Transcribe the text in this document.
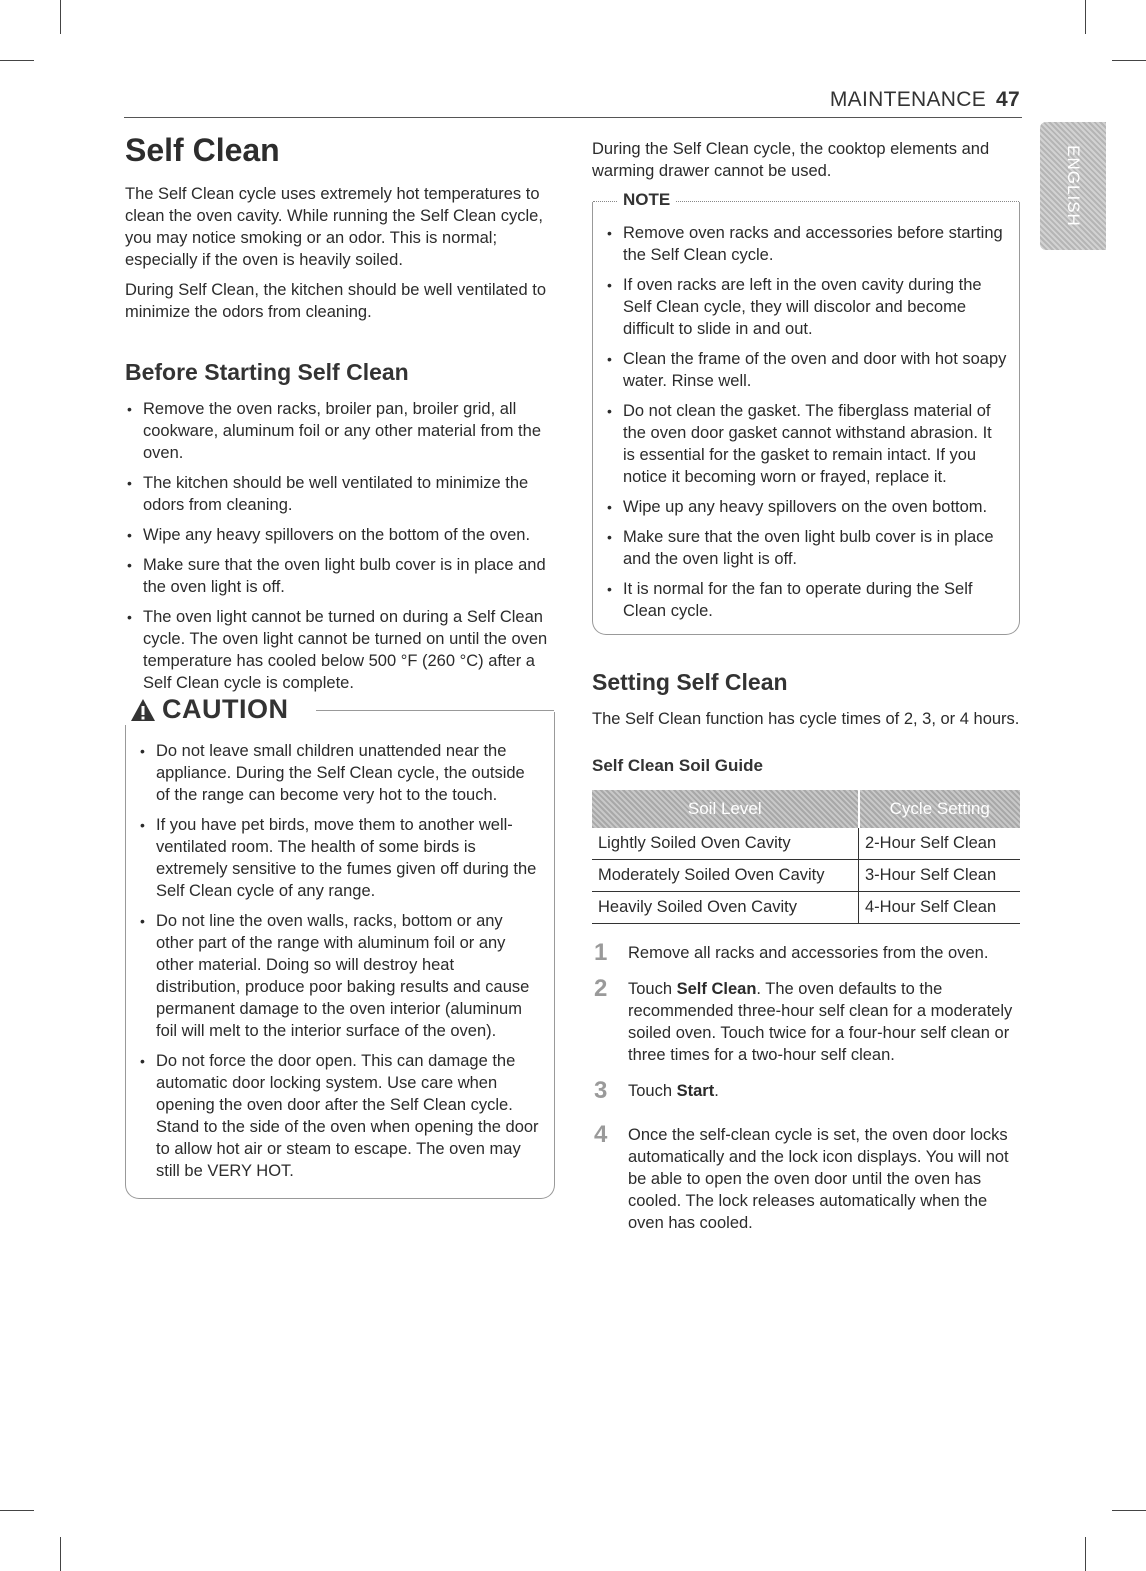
MAINTENANCE 47
ENGLISH
Self Clean

The Self Clean cycle uses extremely hot temperatures to clean the oven cavity. While running the Self Clean cycle, you may notice smoking or an odor. This is normal; especially if the oven is heavily soiled.

During Self Clean, the kitchen should be well ventilated to minimize the odors from cleaning.

Before Starting Self Clean
• Remove the oven racks, broiler pan, broiler grid, all cookware, aluminum foil or any other material from the oven.
• The kitchen should be well ventilated to minimize the odors from cleaning.
• Wipe any heavy spillovers on the bottom of the oven.
• Make sure that the oven light bulb cover is in place and the oven light is off.
• The oven light cannot be turned on during a Self Clean cycle. The oven light cannot be turned on until the oven temperature has cooled below 500 °F (260 °C) after a Self Clean cycle is complete.
CAUTION
• Do not leave small children unattended near the appliance. During the Self Clean cycle, the outside of the range can become very hot to the touch.
• If you have pet birds, move them to another well-ventilated room. The health of some birds is extremely sensitive to the fumes given off during the Self Clean cycle of any range.
• Do not line the oven walls, racks, bottom or any other part of the range with aluminum foil or any other material. Doing so will destroy heat distribution, produce poor baking results and cause permanent damage to the oven interior (aluminum foil will melt to the interior surface of the oven).
• Do not force the door open. This can damage the automatic door locking system. Use care when opening the oven door after the Self Clean cycle. Stand to the side of the oven when opening the door to allow hot air or steam to escape. The oven may still be VERY HOT.

During the Self Clean cycle, the cooktop elements and warming drawer cannot be used.

NOTE
• Remove oven racks and accessories before starting the Self Clean cycle.
• If oven racks are left in the oven cavity during the Self Clean cycle, they will discolor and become difficult to slide in and out.
• Clean the frame of the oven and door with hot soapy water. Rinse well.
• Do not clean the gasket. The fiberglass material of the oven door gasket cannot withstand abrasion. It is essential for the gasket to remain intact. If you notice it becoming worn or frayed, replace it.
• Wipe up any heavy spillovers on the oven bottom.
• Make sure that the oven light bulb cover is in place and the oven light is off.
• It is normal for the fan to operate during the Self Clean cycle.
Setting Self Clean

The Self Clean function has cycle times of 2, 3, or 4 hours.

Self Clean Soil Guide
Soil Level	Cycle Setting
Lightly Soiled Oven Cavity	2-Hour Self Clean
Moderately Soiled Oven Cavity	3-Hour Self Clean
Heavily Soiled Oven Cavity	4-Hour Self Clean
1 Remove all racks and accessories from the oven.
2 Touch Self Clean. The oven defaults to the recommended three-hour self clean for a moderately soiled oven. Touch twice for a four-hour self clean or three times for a two-hour self clean.
3 Touch Start.
4 Once the self-clean cycle is set, the oven door locks automatically and the lock icon displays. You will not be able to open the oven door until the oven has cooled. The lock releases automatically when the oven has cooled.
